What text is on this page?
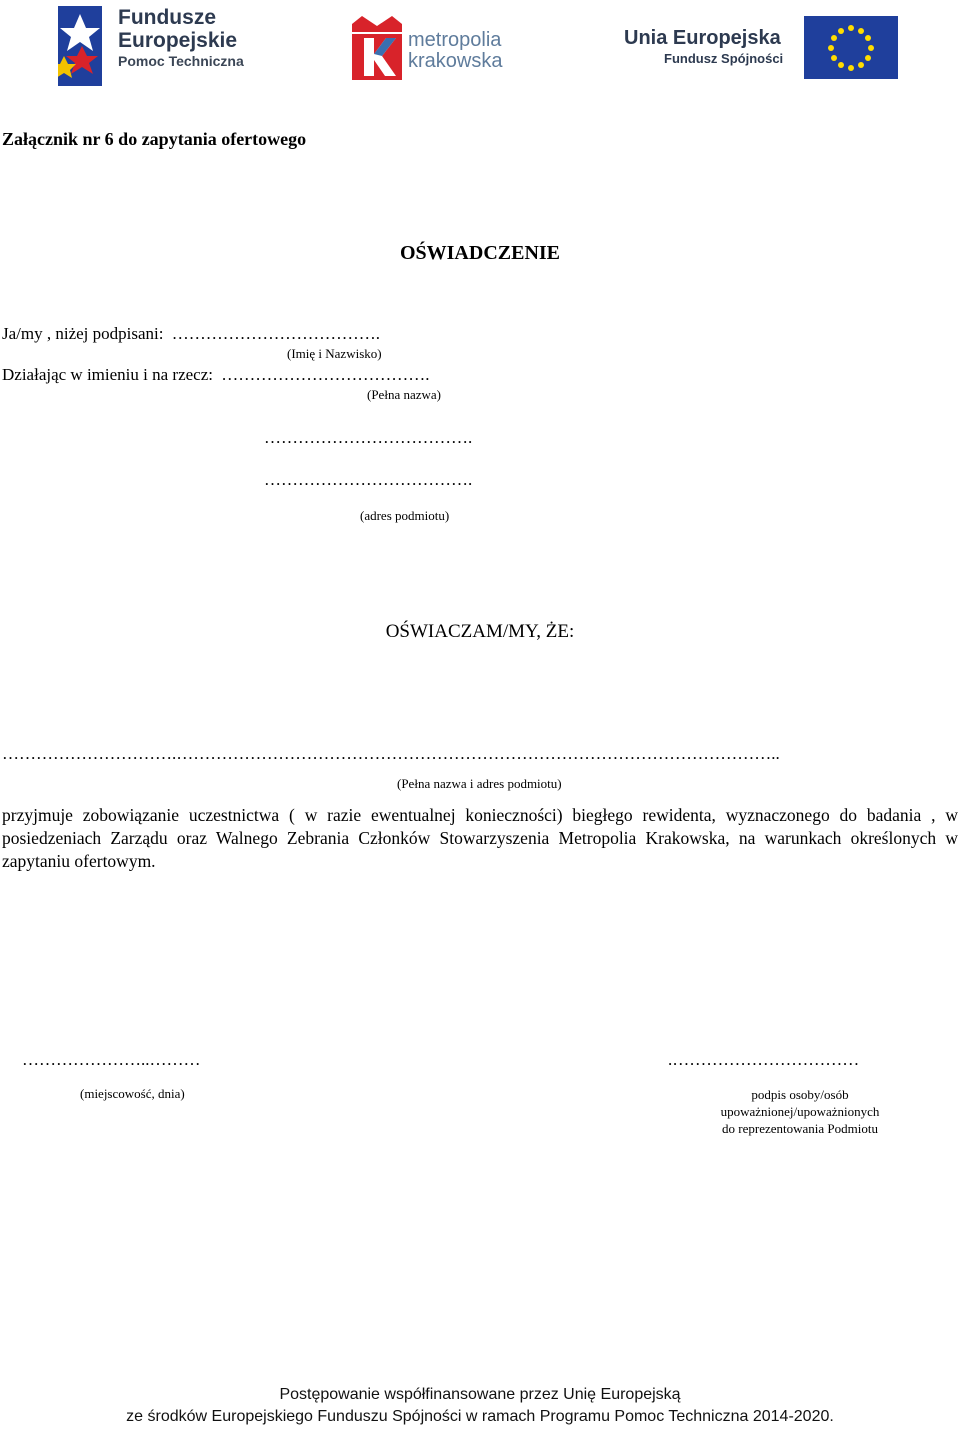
Fundusze
Europejskie
Pomoc Techniczna
metropolia
krakowska
Unia Europejska
Fundusz Spójności
Załącznik nr 6 do zapytania ofertowego
OŚWIADCZENIE
Ja/my , niżej podpisani: ……………………………….
(Imię i Nazwisko)
Działając w imieniu i na rzecz: ……………………………….
(Pełna nazwa)
……………………………….
……………………………….
(adres podmiotu)
OŚWIACZAM/MY, ŻE:
………………………….……………………………………………………………………………………………..
(Pełna nazwa i adres podmiotu)
przyjmuje zobowiązanie uczestnictwa ( w razie ewentualnej konieczności) biegłego rewidenta, wyznaczonego do badania , w posiedzeniach Zarządu oraz Walnego Zebrania Członków Stowarzyszenia Metropolia Krakowska, na warunkach określonych w zapytaniu ofertowym.
…………………..………
(miejscowość, dnia)
.……………………………
podpis osoby/osób
upoważnionej/upoważnionych
do reprezentowania Podmiotu
Postępowanie współfinansowane przez Unię Europejską
ze środków Europejskiego Funduszu Spójności w ramach Programu Pomoc Techniczna 2014-2020.
